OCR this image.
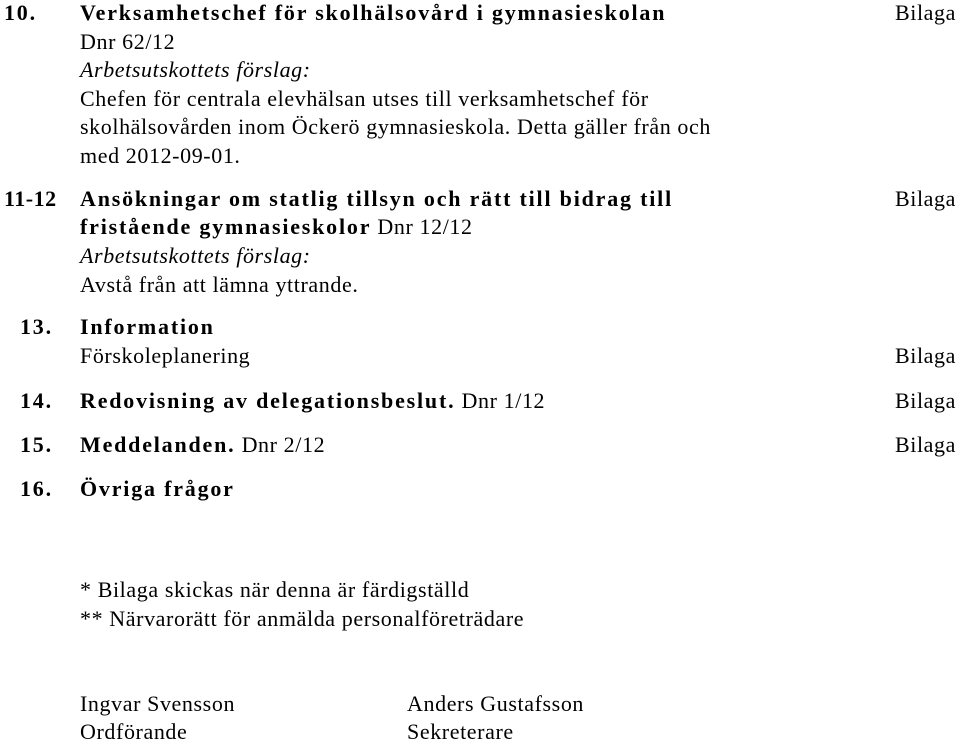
10. Verksamhetschef för skolhälsovård i gymnasieskolan	Bilaga
Dnr 62/12
Arbetsutskottets förslag:
Chefen för centrala elevhälsan utses till verksamhetschef för
skolhälsovården inom Öckerö gymnasieskola. Detta gäller från och
med 2012-09-01.
11-12 Ansökningar om statlig tillsyn och rätt till bidrag till	Bilaga
fristående gymnasieskolor Dnr 12/12
Arbetsutskottets förslag:
Avstå från att lämna yttrande.
13. Information
Förskoleplanering	Bilaga
14. Redovisning av delegationsbeslut. Dnr 1/12	Bilaga
15. Meddelanden. Dnr 2/12	Bilaga
16. Övriga frågor
* Bilaga skickas när denna är färdigställd
** Närvarorätt för anmälda personalföreträdare
Ingvar Svensson
Ordförande
Anders Gustafsson
Sekreterare
